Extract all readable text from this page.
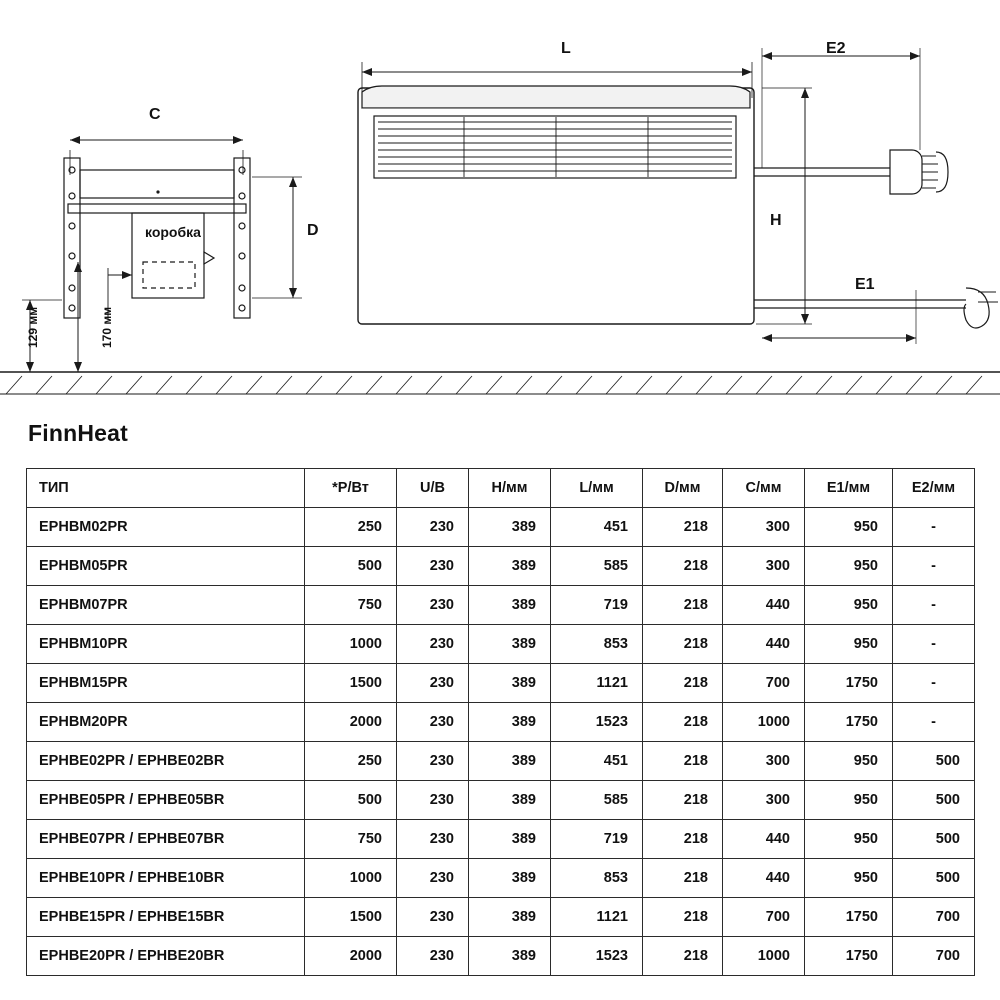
C
D
L	E2
H
E1
коробка
129 мм	170 мм
FinnHeat
ТИП	*P/Вт	U/B	H/мм	L/мм	D/мм	C/мм	E1/мм	E2/мм
EPHBM02PR	250	230	389	451	218	300	950	-
EPHBM05PR	500	230	389	585	218	300	950	-
EPHBM07PR	750	230	389	719	218	440	950	-
EPHBM10PR	1000	230	389	853	218	440	950	-
EPHBM15PR	1500	230	389	1121	218	700	1750	-
EPHBM20PR	2000	230	389	1523	218	1000	1750	-
EPHBE02PR / EPHBE02BR	250	230	389	451	218	300	950	500
EPHBE05PR / EPHBE05BR	500	230	389	585	218	300	950	500
EPHBE07PR / EPHBE07BR	750	230	389	719	218	440	950	500
EPHBE10PR / EPHBE10BR	1000	230	389	853	218	440	950	500
EPHBE15PR / EPHBE15BR	1500	230	389	1121	218	700	1750	700
EPHBE20PR / EPHBE20BR	2000	230	389	1523	218	1000	1750	700
